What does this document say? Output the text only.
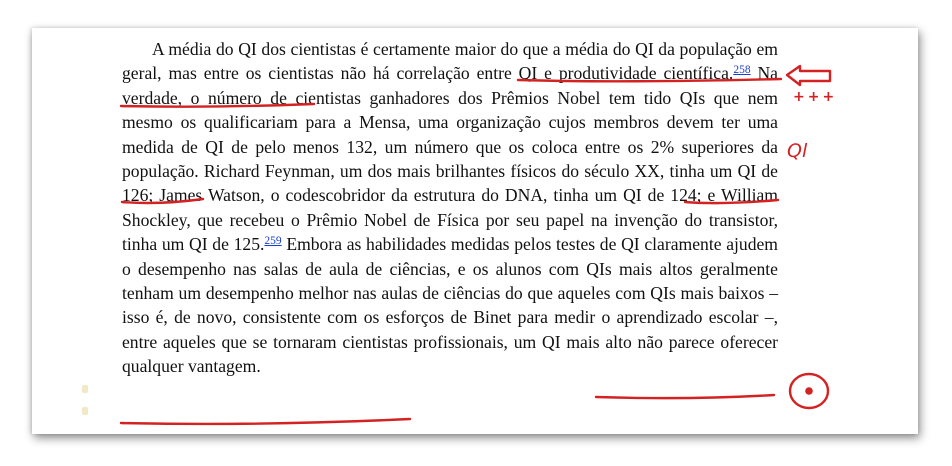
A média do QI dos cientistas é certamente maior do que a média do QI da população em geral, mas entre os cientistas não há correlação entre QI e produtividade científica.$^{258}$ Na verdade, o número de cientistas ganhadores dos Prêmios Nobel tem tido QIs que nem mesmo os qualificariam para a Mensa, uma organização cujos membros devem ter uma medida de QI de pelo menos 132, um número que os coloca entre os 2% superiores da população. Richard Feynman, um dos mais brilhantes físicos do século XX, tinha um QI de 126; James Watson, o codescobridor da estrutura do DNA, tinha um QI de 124; e William Shockley, que recebeu o Prêmio Nobel de Física por seu papel na invenção do transistor, tinha um QI de 125.$^{259}$ Embora as habilidades medidas pelos testes de QI claramente ajudem o desempenho nas salas de aula de ciências, e os alunos com QIs mais altos geralmente tenham um desempenho melhor nas aulas de ciências do que aqueles com QIs mais baixos – isso é, de novo, consistente com os esforços de Binet para medir o aprendizado escolar –, entre aqueles que se tornaram cientistas profissionais, um QI mais alto não parece oferecer qualquer vantagem.

+++
Ql
